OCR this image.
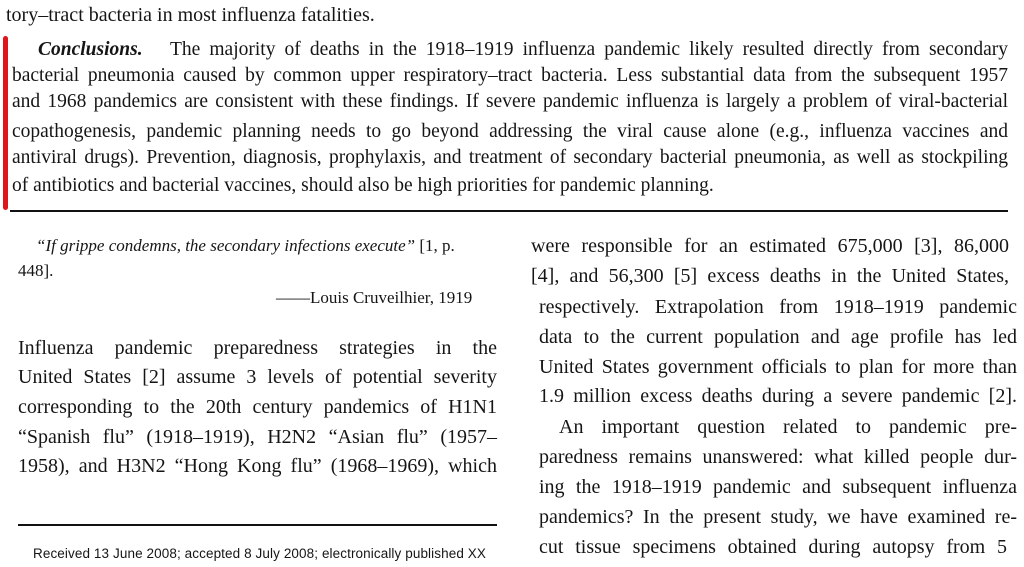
tory–tract bacteria in most influenza fatalities.
Conclusions. The majority of deaths in the 1918–1919 influenza pandemic likely resulted directly from secondary
bacterial pneumonia caused by common upper respiratory–tract bacteria. Less substantial data from the subsequent 1957
and 1968 pandemics are consistent with these findings. If severe pandemic influenza is largely a problem of viral-bacterial
copathogenesis, pandemic planning needs to go beyond addressing the viral cause alone (e.g., influenza vaccines and
antiviral drugs). Prevention, diagnosis, prophylaxis, and treatment of secondary bacterial pneumonia, as well as stockpiling
of antibiotics and bacterial vaccines, should also be high priorities for pandemic planning.
“If grippe condemns, the secondary infections execute” [1, p.
448].
——Louis Cruveilhier, 1919
Influenza pandemic preparedness strategies in the
United States [2] assume 3 levels of potential severity
corresponding to the 20th century pandemics of H1N1
“Spanish flu” (1918–1919), H2N2 “Asian flu” (1957–
1958), and H3N2 “Hong Kong flu” (1968–1969), which
Received 13 June 2008; accepted 8 July 2008; electronically published XX
were responsible for an estimated 675,000 [3], 86,000
[4], and 56,300 [5] excess deaths in the United States,
respectively. Extrapolation from 1918–1919 pandemic
data to the current population and age profile has led
United States government officials to plan for more than
1.9 million excess deaths during a severe pandemic [2].
An important question related to pandemic pre-
paredness remains unanswered: what killed people dur-
ing the 1918–1919 pandemic and subsequent influenza
pandemics? In the present study, we have examined re-
cut tissue specimens obtained during autopsy from 5
